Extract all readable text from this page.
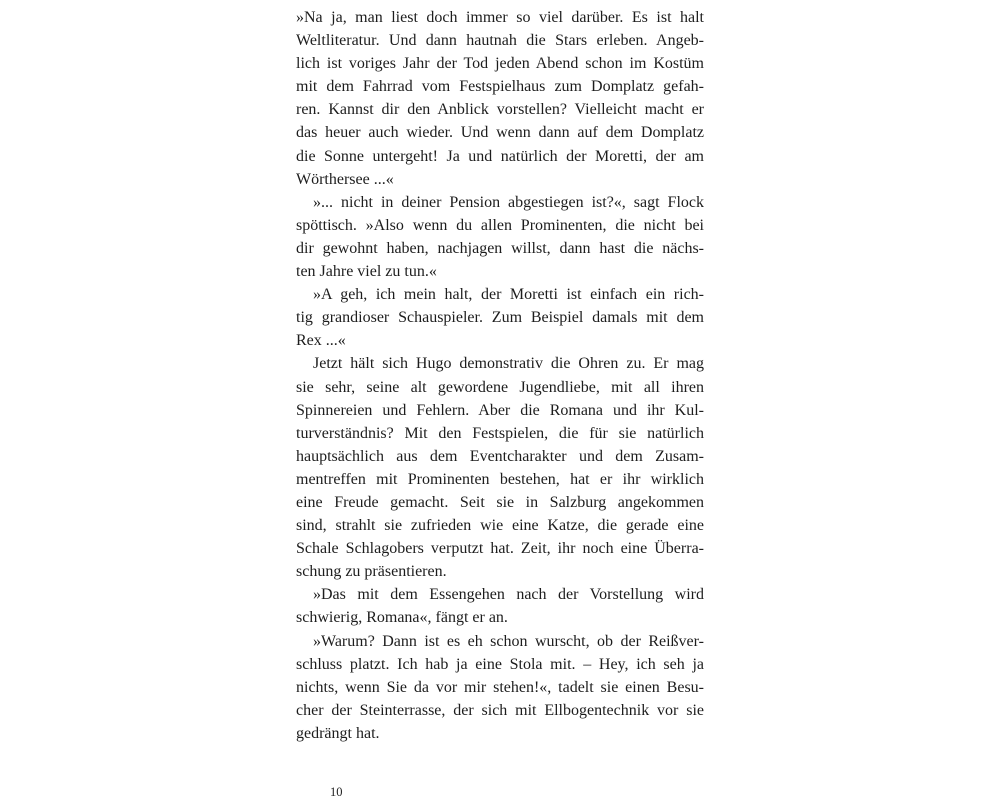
»Na ja, man liest doch immer so viel darüber. Es ist halt
Weltliteratur. Und dann hautnah die Stars erleben. Angeb-
lich ist voriges Jahr der Tod jeden Abend schon im Kostüm
mit dem Fahrrad vom Festspielhaus zum Domplatz gefah-
ren. Kannst dir den Anblick vorstellen? Vielleicht macht er
das heuer auch wieder. Und wenn dann auf dem Domplatz
die Sonne untergeht! Ja und natürlich der Moretti, der am
Wörthersee ...«
»... nicht in deiner Pension abgestiegen ist?«, sagt Flock
spöttisch. »Also wenn du allen Prominenten, die nicht bei
dir gewohnt haben, nachjagen willst, dann hast die nächs-
ten Jahre viel zu tun.«
»A geh, ich mein halt, der Moretti ist einfach ein rich-
tig grandioser Schauspieler. Zum Beispiel damals mit dem
Rex ...«
Jetzt hält sich Hugo demonstrativ die Ohren zu. Er mag
sie sehr, seine alt gewordene Jugendliebe, mit all ihren
Spinnereien und Fehlern. Aber die Romana und ihr Kul-
turverständnis? Mit den Festspielen, die für sie natürlich
hauptsächlich aus dem Eventcharakter und dem Zusam-
mentreffen mit Prominenten bestehen, hat er ihr wirklich
eine Freude gemacht. Seit sie in Salzburg angekommen
sind, strahlt sie zufrieden wie eine Katze, die gerade eine
Schale Schlagobers verputzt hat. Zeit, ihr noch eine Überra-
schung zu präsentieren.
»Das mit dem Essengehen nach der Vorstellung wird
schwierig, Romana«, fängt er an.
»Warum? Dann ist es eh schon wurscht, ob der Reißver-
schluss platzt. Ich hab ja eine Stola mit. – Hey, ich seh ja
nichts, wenn Sie da vor mir stehen!«, tadelt sie einen Besu-
cher der Steinterrasse, der sich mit Ellbogentechnik vor sie
gedrängt hat.
10
